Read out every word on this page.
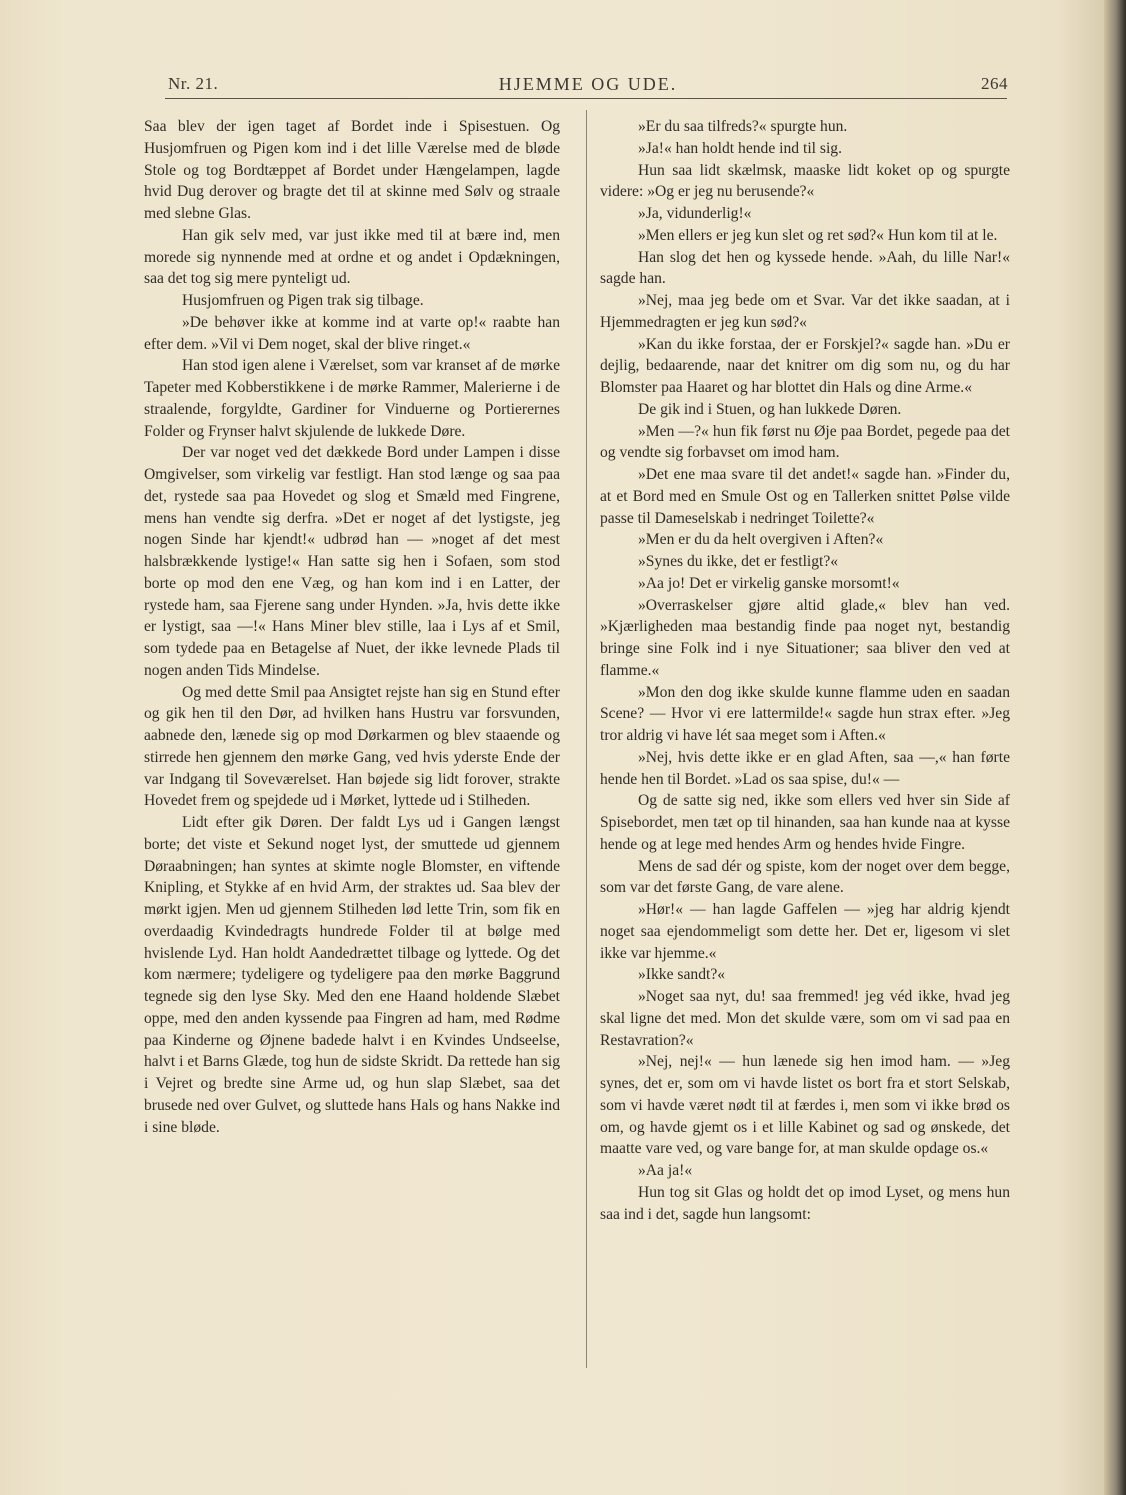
Nr. 21.	HJEMME OG UDE.	264

Saa blev der igen taget af Bordet inde i Spisestuen. Og Husjomfruen og Pigen kom ind i det lille Værelse med de bløde Stole og tog Bordtæppet af Bordet under Hængelampen, lagde hvid Dug derover og bragte det til at skinne med Sølv og straale med slebne Glas.

Han gik selv med, var just ikke med til at bære ind, men morede sig nynnende med at ordne et og andet i Opdækningen, saa det tog sig mere pynteligt ud.

Husjomfruen og Pigen trak sig tilbage.

»De behøver ikke at komme ind at varte op!« raabte han efter dem. »Vil vi Dem noget, skal der blive ringet.«

Han stod igen alene i Værelset, som var kranset af de mørke Tapeter med Kobberstikkene i de mørke Rammer, Malerierne i de straalende, forgyldte, Gardiner for Vinduerne og Portierernes Folder og Frynser halvt skjulende de lukkede Døre.

Der var noget ved det dækkede Bord under Lampen i disse Omgivelser, som virkelig var festligt. Han stod længe og saa paa det, rystede saa paa Hovedet og slog et Smæld med Fingrene, mens han vendte sig derfra. »Det er noget af det lystigste, jeg nogen Sinde har kjendt!« udbrød han — »noget af det mest halsbrækkende lystige!« Han satte sig hen i Sofaen, som stod borte op mod den ene Væg, og han kom ind i en Latter, der rystede ham, saa Fjerene sang under Hynden. »Ja, hvis dette ikke er lystigt, saa —!« Hans Miner blev stille, laa i Lys af et Smil, som tydede paa en Betagelse af Nuet, der ikke levnede Plads til nogen anden Tids Mindelse.

Og med dette Smil paa Ansigtet rejste han sig en Stund efter og gik hen til den Dør, ad hvilken hans Hustru var forsvunden, aabnede den, lænede sig op mod Dørkarmen og blev staaende og stirrede hen gjennem den mørke Gang, ved hvis yderste Ende der var Indgang til Soveværelset. Han bøjede sig lidt forover, strakte Hovedet frem og spejdede ud i Mørket, lyttede ud i Stilheden.

Lidt efter gik Døren. Der faldt Lys ud i Gangen længst borte; det viste et Sekund noget lyst, der smuttede ud gjennem Døraabningen; han syntes at skimte nogle Blomster, en viftende Knipling, et Stykke af en hvid Arm, der straktes ud. Saa blev der mørkt igjen. Men ud gjennem Stilheden lød lette Trin, som fik en overdaadig Kvindedragts hundrede Folder til at bølge med hvislende Lyd. Han holdt Aandedrættet tilbage og lyttede. Og det kom nærmere; tydeligere og tydeligere paa den mørke Baggrund tegnede sig den lyse Sky. Med den ene Haand holdende Slæbet oppe, med den anden kyssende paa Fingren ad ham, med Rødme paa Kinderne og Øjnene badede halvt i en Kvindes Undseelse, halvt i et Barns Glæde, tog hun de sidste Skridt. Da rettede han sig i Vejret og bredte sine Arme ud, og hun slap Slæbet, saa det brusede ned over Gulvet, og sluttede hans Hals og hans Nakke ind i sine bløde.

»Er du saa tilfreds?« spurgte hun.

»Ja!« han holdt hende ind til sig.

Hun saa lidt skælmsk, maaske lidt koket op og spurgte videre: »Og er jeg nu berusende?«

»Ja, vidunderlig!«

»Men ellers er jeg kun slet og ret sød?« Hun kom til at le.

Han slog det hen og kyssede hende. »Aah, du lille Nar!« sagde han.

»Nej, maa jeg bede om et Svar. Var det ikke saadan, at i Hjemmedragten er jeg kun sød?«

»Kan du ikke forstaa, der er Forskjel?« sagde han. »Du er dejlig, bedaarende, naar det knitrer om dig som nu, og du har Blomster paa Haaret og har blottet din Hals og dine Arme.«

De gik ind i Stuen, og han lukkede Døren.

»Men —?« hun fik først nu Øje paa Bordet, pegede paa det og vendte sig forbavset om imod ham.

»Det ene maa svare til det andet!« sagde han. »Finder du, at et Bord med en Smule Ost og en Tallerken snittet Pølse vilde passe til Dameselskab i nedringet Toilette?«

»Men er du da helt overgiven i Aften?«

»Synes du ikke, det er festligt?«

»Aa jo! Det er virkelig ganske morsomt!«

»Overraskelser gjøre altid glade,« blev han ved. »Kjærligheden maa bestandig finde paa noget nyt, bestandig bringe sine Folk ind i nye Situationer; saa bliver den ved at flamme.«

»Mon den dog ikke skulde kunne flamme uden en saadan Scene? — Hvor vi ere lattermilde!« sagde hun strax efter. »Jeg tror aldrig vi have lét saa meget som i Aften.«

»Nej, hvis dette ikke er en glad Aften, saa —,« han førte hende hen til Bordet. »Lad os saa spise, du!« —

Og de satte sig ned, ikke som ellers ved hver sin Side af Spisebordet, men tæt op til hinanden, saa han kunde naa at kysse hende og at lege med hendes Arm og hendes hvide Fingre.

Mens de sad dér og spiste, kom der noget over dem begge, som var det første Gang, de vare alene.

»Hør!« — han lagde Gaffelen — »jeg har aldrig kjendt noget saa ejendommeligt som dette her. Det er, ligesom vi slet ikke var hjemme.«

»Ikke sandt?«

»Noget saa nyt, du! saa fremmed! jeg véd ikke, hvad jeg skal ligne det med. Mon det skulde være, som om vi sad paa en Restavration?«

»Nej, nej!« — hun lænede sig hen imod ham. — »Jeg synes, det er, som om vi havde listet os bort fra et stort Selskab, som vi havde været nødt til at færdes i, men som vi ikke brød os om, og havde gjemt os i et lille Kabinet og sad og ønskede, det maatte vare ved, og vare bange for, at man skulde opdage os.«

»Aa ja!«

Hun tog sit Glas og holdt det op imod Lyset, og mens hun saa ind i det, sagde hun langsomt:
